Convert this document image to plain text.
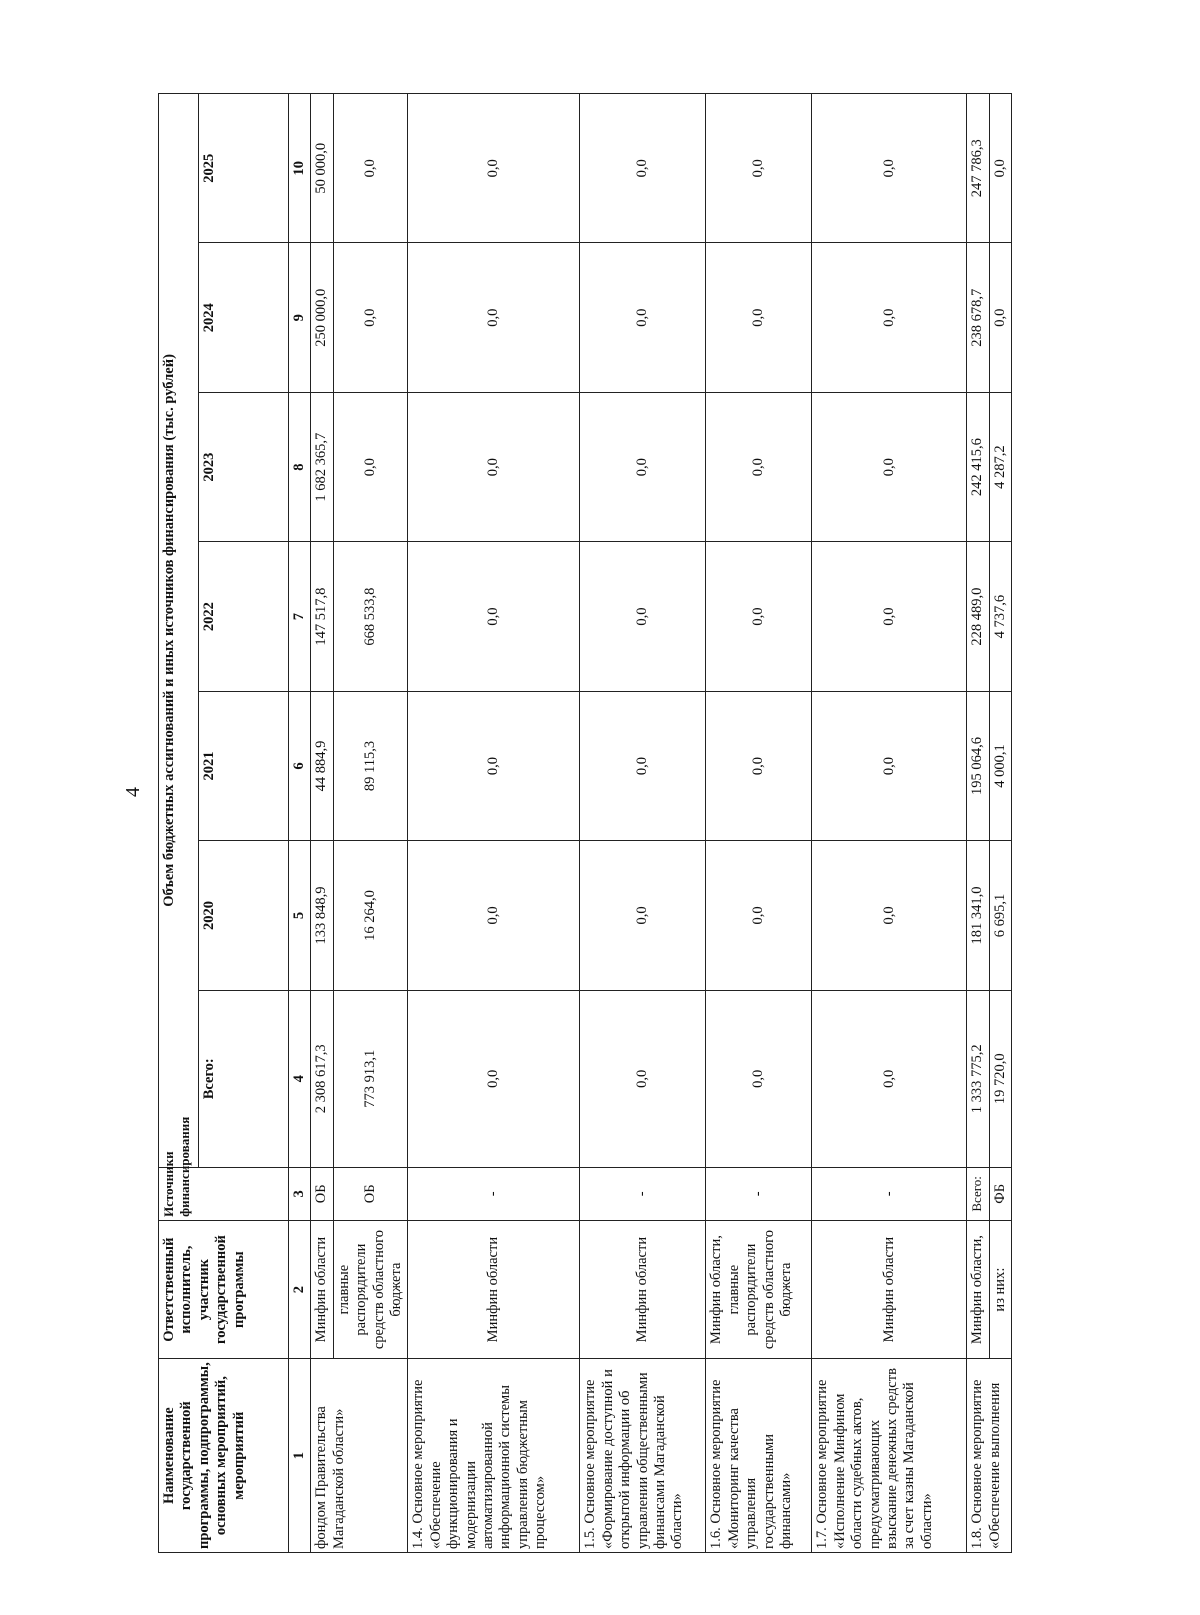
4
Наименование государственной программы, подпрограммы, основных мероприятий, мероприятий	Ответственный исполнитель, участник государственной программы	Источники финансирования	Объем бюджетных ассигнований и иных источников финансирования (тыс. рублей)						
			Всего:	2020	2021	2022	2023	2024	2025
1	2	3	4	5	6	7	8	9	10
фондом Правительства Магаданской области»	Минфин области	ОБ	2 308 617,3	133 848,9	44 884,9	147 517,8	1 682 365,7	250 000,0	50 000,0
	главные распорядители средств областного бюджета	ОБ	773 913,1	16 264,0	89 115,3	668 533,8	0,0	0,0	0,0
1.4. Основное мероприятие «Обеспечение функционирования и модернизации автоматизированной информационной системы управления бюджетным процессом»	Минфин области	-	0,0	0,0	0,0	0,0	0,0	0,0	0,0
1.5. Основное мероприятие «Формирование доступной и открытой информации об управлении общественными финансами Магаданской области»	Минфин области	-	0,0	0,0	0,0	0,0	0,0	0,0	0,0
1.6. Основное мероприятие «Мониторинг качества управления государственными финансами»	Минфин области, главные распорядители средств областного бюджета	-	0,0	0,0	0,0	0,0	0,0	0,0	0,0
1.7. Основное мероприятие «Исполнение Минфином области судебных актов, предусматривающих взыскание денежных средств за счет казны Магаданской области»	Минфин области	-	0,0	0,0	0,0	0,0	0,0	0,0	0,0
1.8. Основное мероприятие «Обеспечение выполнения	Минфин области,	Всего:	1 333 775,2	181 341,0	195 064,6	228 489,0	242 415,6	238 678,7	247 786,3
	из них:	ФБ	19 720,0	6 695,1	4 000,1	4 737,6	4 287,2	0,0	0,0
